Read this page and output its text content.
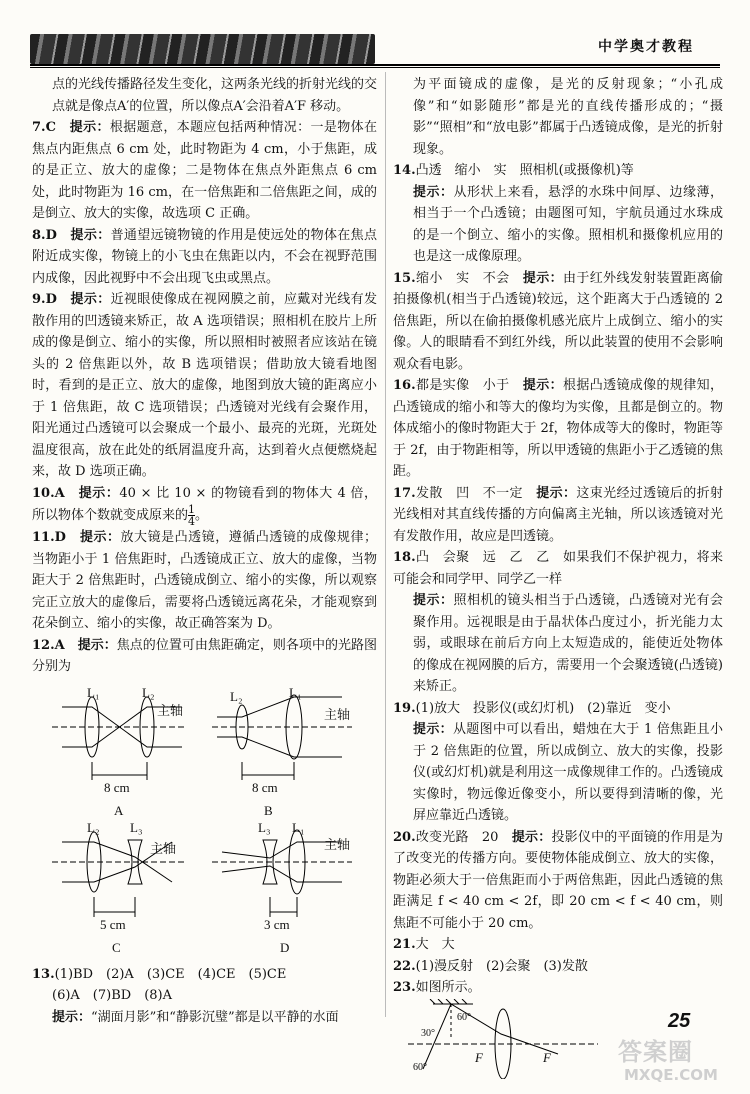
中学奥才教程
点的光线传播路径发生变化，这两条光线的折射光线的交点就是像点A′的位置，所以像点A′会沿着A′F 移动。
7.C　 提示：根据题意，本题应包括两种情况：一是物体在焦点内距焦点 6 cm 处，此时物距为 4 cm，小于焦距，成的是正立、放大的虚像；二是物体在焦点外距焦点 6 cm 处，此时物距为 16 cm，在一倍焦距和二倍焦距之间，成的是倒立、放大的实像，故选项 C 正确。
8.D　 提示：普通望远镜物镜的作用是使远处的物体在焦点附近成实像，物镜上的小飞虫在焦距以内，不会在视野范围内成像，因此视野中不会出现飞虫或黑点。
9.D　 提示：近视眼使像成在视网膜之前，应戴对光线有发散作用的凹透镜来矫正，故 A 选项错误；照相机在胶片上所成的像是倒立、缩小的实像，所以照相时被照者应该站在镜头的 2 倍焦距以外，故 B 选项错误；借助放大镜看地图时，看到的是正立、放大的虚像，地图到放大镜的距离应小于 1 倍焦距，故 C 选项错误；凸透镜对光线有会聚作用，阳光通过凸透镜可以会聚成一个最小、最亮的光斑，光斑处温度很高，放在此处的纸屑温度升高，达到着火点便燃烧起来，故 D 选项正确。
10.A　 提示：40 × 比 10 × 的物镜看到的物体大 4 倍，所以物体个数就变成原来的 $\frac{1}{4}$ 。
11.D　 提示：放大镜是凸透镜，遵循凸透镜的成像规律；当物距小于 1 倍焦距时，凸透镜成正立、放大的虚像，当物距大于 2 倍焦距时，凸透镜成倒立、缩小的实像，所以观察完正立放大的虚像后，需要将凸透镜远离花朵，才能观察到花朵倒立、缩小的实像，故正确答案为 D。
12.A　 提示：焦点的位置可由焦距确定，则各项中的光路图分别为
L₁	L₂
主轴
8 cm
A
L₂	L₁
主轴
8 cm
B
L₂ L₃
主轴
5 cm
C
L₃ L₁
主轴
3 cm
D
13.(1)BD　(2)A　(3)CE　(4)CE　(5)CE
(6)A　(7)BD　(8)A
提示：“湖面月影”和“静影沉璧”都是以平静的水面
为平面镜成的虚像，是光的反射现象；“小孔成像”和“如影随形”都是光的直线传播形成的；“摄影”“照相”和“放电影”都属于凸透镜成像，是光的折射现象。
14.凸透　缩小　实　照相机(或摄像机)等
提示：从形状上来看，悬浮的水珠中间厚、边缘薄，相当于一个凸透镜；由题图可知，宇航员通过水珠成的是一个倒立、缩小的实像。照相机和摄像机应用的也是这一成像原理。
15.缩小　实　不会　 提示：由于红外线发射装置距离偷拍摄像机(相当于凸透镜)较远，这个距离大于凸透镜的 2 倍焦距，所以在偷拍摄像机感光底片上成倒立、缩小的实像。人的眼睛看不到红外线，所以此装置的使用不会影响观众看电影。
16.都是实像　小于　 提示：根据凸透镜成像的规律知，凸透镜成的缩小和等大的像均为实像，且都是倒立的。物体成缩小的像时物距大于 2f，物体成等大的像时，物距等于 2f，由于物距相等，所以甲透镜的焦距小于乙透镜的焦距。
17.发散　凹　不一定　 提示：这束光经过透镜后的折射光线相对其直线传播的方向偏离主光轴，所以该透镜对光有发散作用，故应是凹透镜。
18.凸　会聚　远　乙　乙　 如果我们不保护视力，将来可能会和同学甲、同学乙一样
提示：照相机的镜头相当于凸透镜，凸透镜对光有会聚作用。远视眼是由于晶状体凸度过小，折光能力太弱，或眼球在前后方向上太短造成的，能使近处物体的像成在视网膜的后方，需要用一个会聚透镜(凸透镜)来矫正。
19.(1)放大　投影仪(或幻灯机)　(2)靠近　变小
提示：从题图中可以看出，蜡烛在大于 1 倍焦距且小于 2 倍焦距的位置，所以成倒立、放大的实像，投影仪(或幻灯机)就是利用这一成像规律工作的。凸透镜成实像时，物远像近像变小，所以要得到清晰的像，光屏应靠近凸透镜。
20.改变光路　20　 提示：投影仪中的平面镜的作用是为了改变光的传播方向。要使物体能成倒立、放大的实像，物距必须大于一倍焦距而小于两倍焦距，因此凸透镜的焦距满足 f < 40 cm < 2f，即 20 cm < f < 40 cm，则焦距不可能小于 20 cm。
21.大　大
22.(1)漫反射　(2)会聚　(3)发散
23.如图所示。
30°
60°
60°
F	F
25
答案圈
MXQE.COM
